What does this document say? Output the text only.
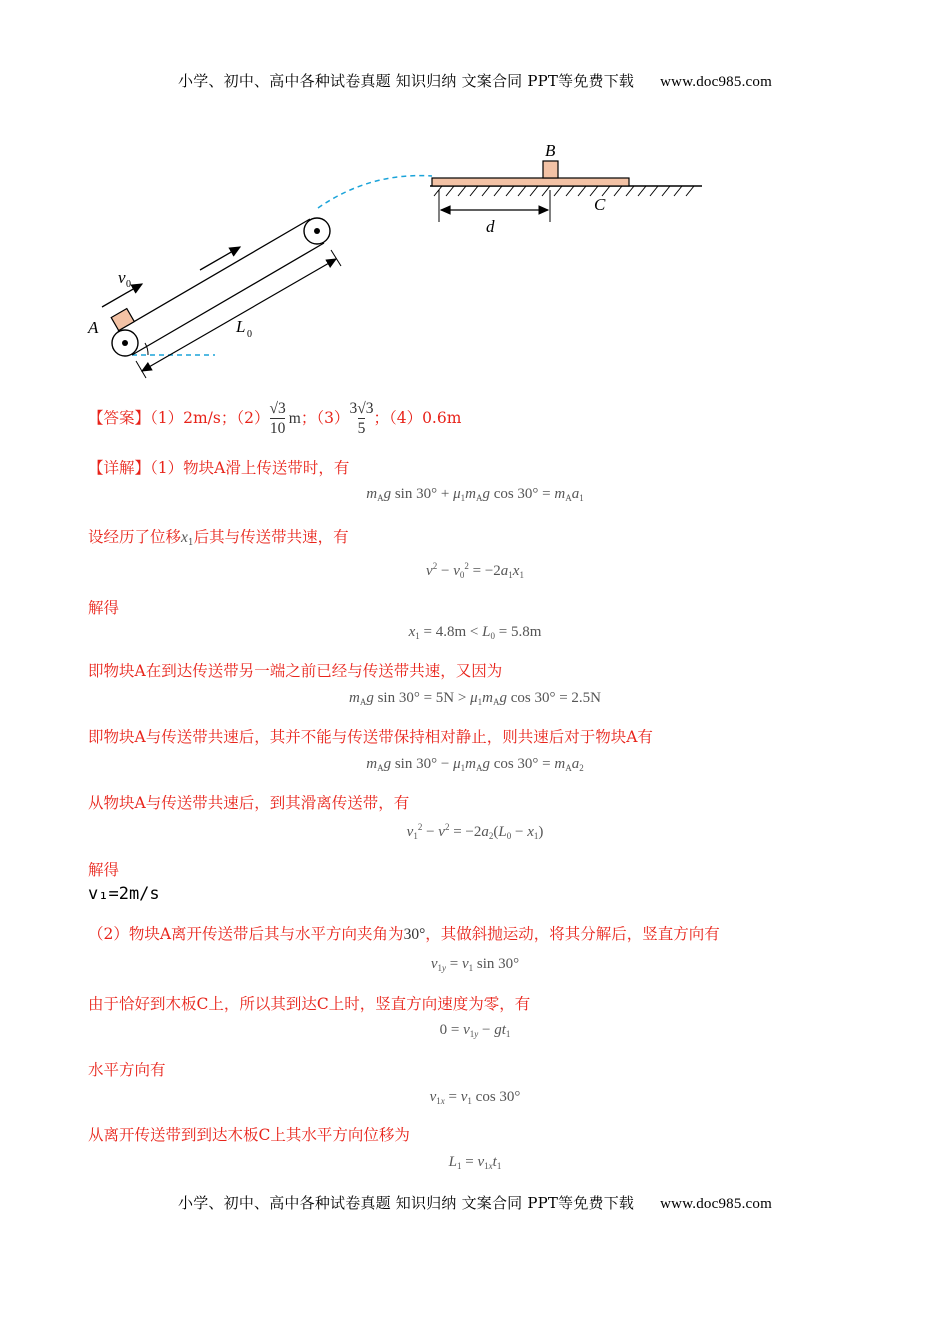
小学、初中、高中各种试卷真题 知识归纳 文案合同 PPT等免费下载 www.doc985.com
B
C
d
A
v 0
L 0
【答案】（1）2m/s；$(2) \frac{√3}{10}$ m；$(3) \frac{3√3}{5}$ ；（4）0.6m
【详解】（1）物块A滑上传送带时，有
$m_Ag$ $\sin 30^\circ + \mu_1m_Ag$ $\cos 30^\circ = m_Aa_1$
设经历了位移$x_1$后其与传送带共速，有
$v^2 - v_0^2 = -2a_1x_1$
解得
$x_1 = 4.8m < L_0 = 5.8m$
即物块A在到达传送带另一端之前已经与传送带共速，又因为
$m_Ag$ $\sin 30^\circ = 5N > \mu_1m_Ag$ cos 30° = 2.5N
即物块A与传送带共速后，其并不能与传送带保持相对静止，则共速后对于物块A有
$m_Ag$ $\sin 30^\circ - \mu_1m_Ag$ $\cos 30^\circ = m_Aa_2$
从物块A与传送带共速后，到其滑离传送带，有
$v_1^2 - v^2 = -2a_2(L_0 - x_1)$
解得
v₁=2m/s
（2）物块A离开传送带后其与水平方向夹角为30°，其做斜抛运动，将其分解后，竖直方向有
$v_{1y} = v_1$ sin 30°
由于恰好到木板C上，所以其到达C上时，竖直方向速度为零，有
$0 = v_{1y} - gt_1$
水平方向有
$v_{1x} = v_1$ cos 30°
从离开传送带到到达木板C上其水平方向位移为
$L_1 = v_{1x}t_1$
小学、初中、高中各种试卷真题 知识归纳 文案合同 PPT等免费下载 www.doc985.com
